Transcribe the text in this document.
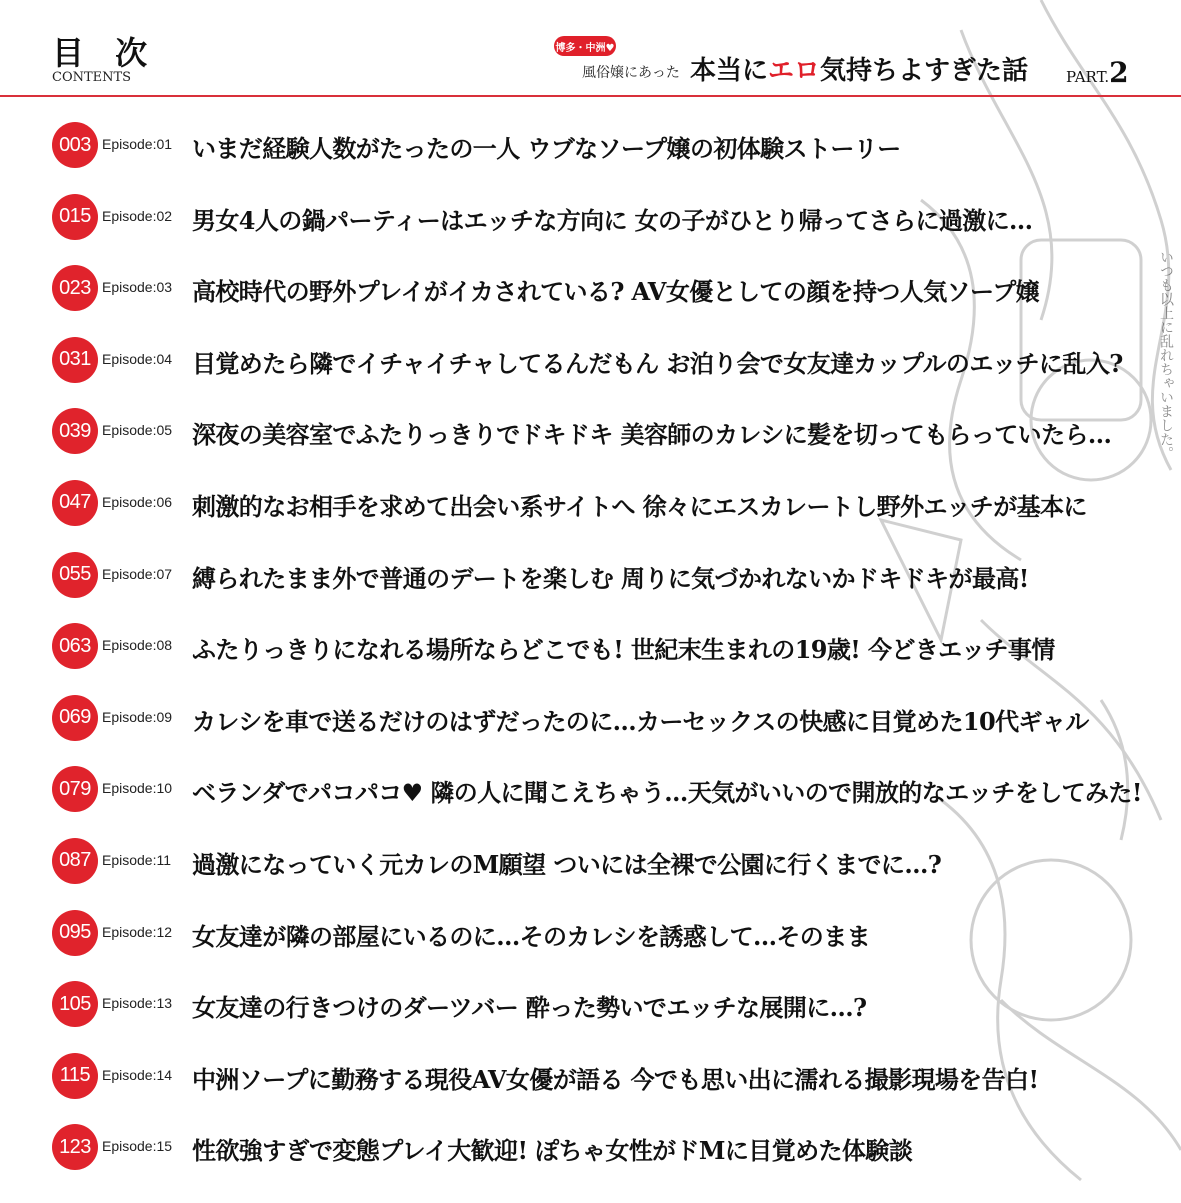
いつも以上に乱れちゃいました。
目 次
CONTENTS
博多・中洲♥
風俗嬢にあった 本当にエロ気持ちよすぎた話	PART.2
003 Episode:01 いまだ経験人数がたったの一人 ウブなソープ嬢の初体験ストーリー
015 Episode:02 男女4人の鍋パーティーはエッチな方向に 女の子がひとり帰ってさらに過激に…
023 Episode:03 高校時代の野外プレイがイカされている? AV女優としての顔を持つ人気ソープ嬢
031 Episode:04 目覚めたら隣でイチャイチャしてるんだもん お泊り会で女友達カップルのエッチに乱入?
039 Episode:05 深夜の美容室でふたりっきりでドキドキ 美容師のカレシに髪を切ってもらっていたら…
047 Episode:06 刺激的なお相手を求めて出会い系サイトへ 徐々にエスカレートし野外エッチが基本に
055 Episode:07 縛られたまま外で普通のデートを楽しむ 周りに気づかれないかドキドキが最高!
063 Episode:08 ふたりっきりになれる場所ならどこでも! 世紀末生まれの19歳! 今どきエッチ事情
069 Episode:09 カレシを車で送るだけのはずだったのに…カーセックスの快感に目覚めた10代ギャル
079 Episode:10 ベランダでパコパコ♥ 隣の人に聞こえちゃう…天気がいいので開放的なエッチをしてみた!
087 Episode:11 過激になっていく元カレのM願望 ついには全裸で公園に行くまでに…?
095 Episode:12 女友達が隣の部屋にいるのに…そのカレシを誘惑して…そのまま
105 Episode:13 女友達の行きつけのダーツバー 酔った勢いでエッチな展開に…?
115 Episode:14 中洲ソープに勤務する現役AV女優が語る 今でも思い出に濡れる撮影現場を告白!
123 Episode:15 性欲強すぎで変態プレイ大歓迎! ぽちゃ女性がドMに目覚めた体験談
